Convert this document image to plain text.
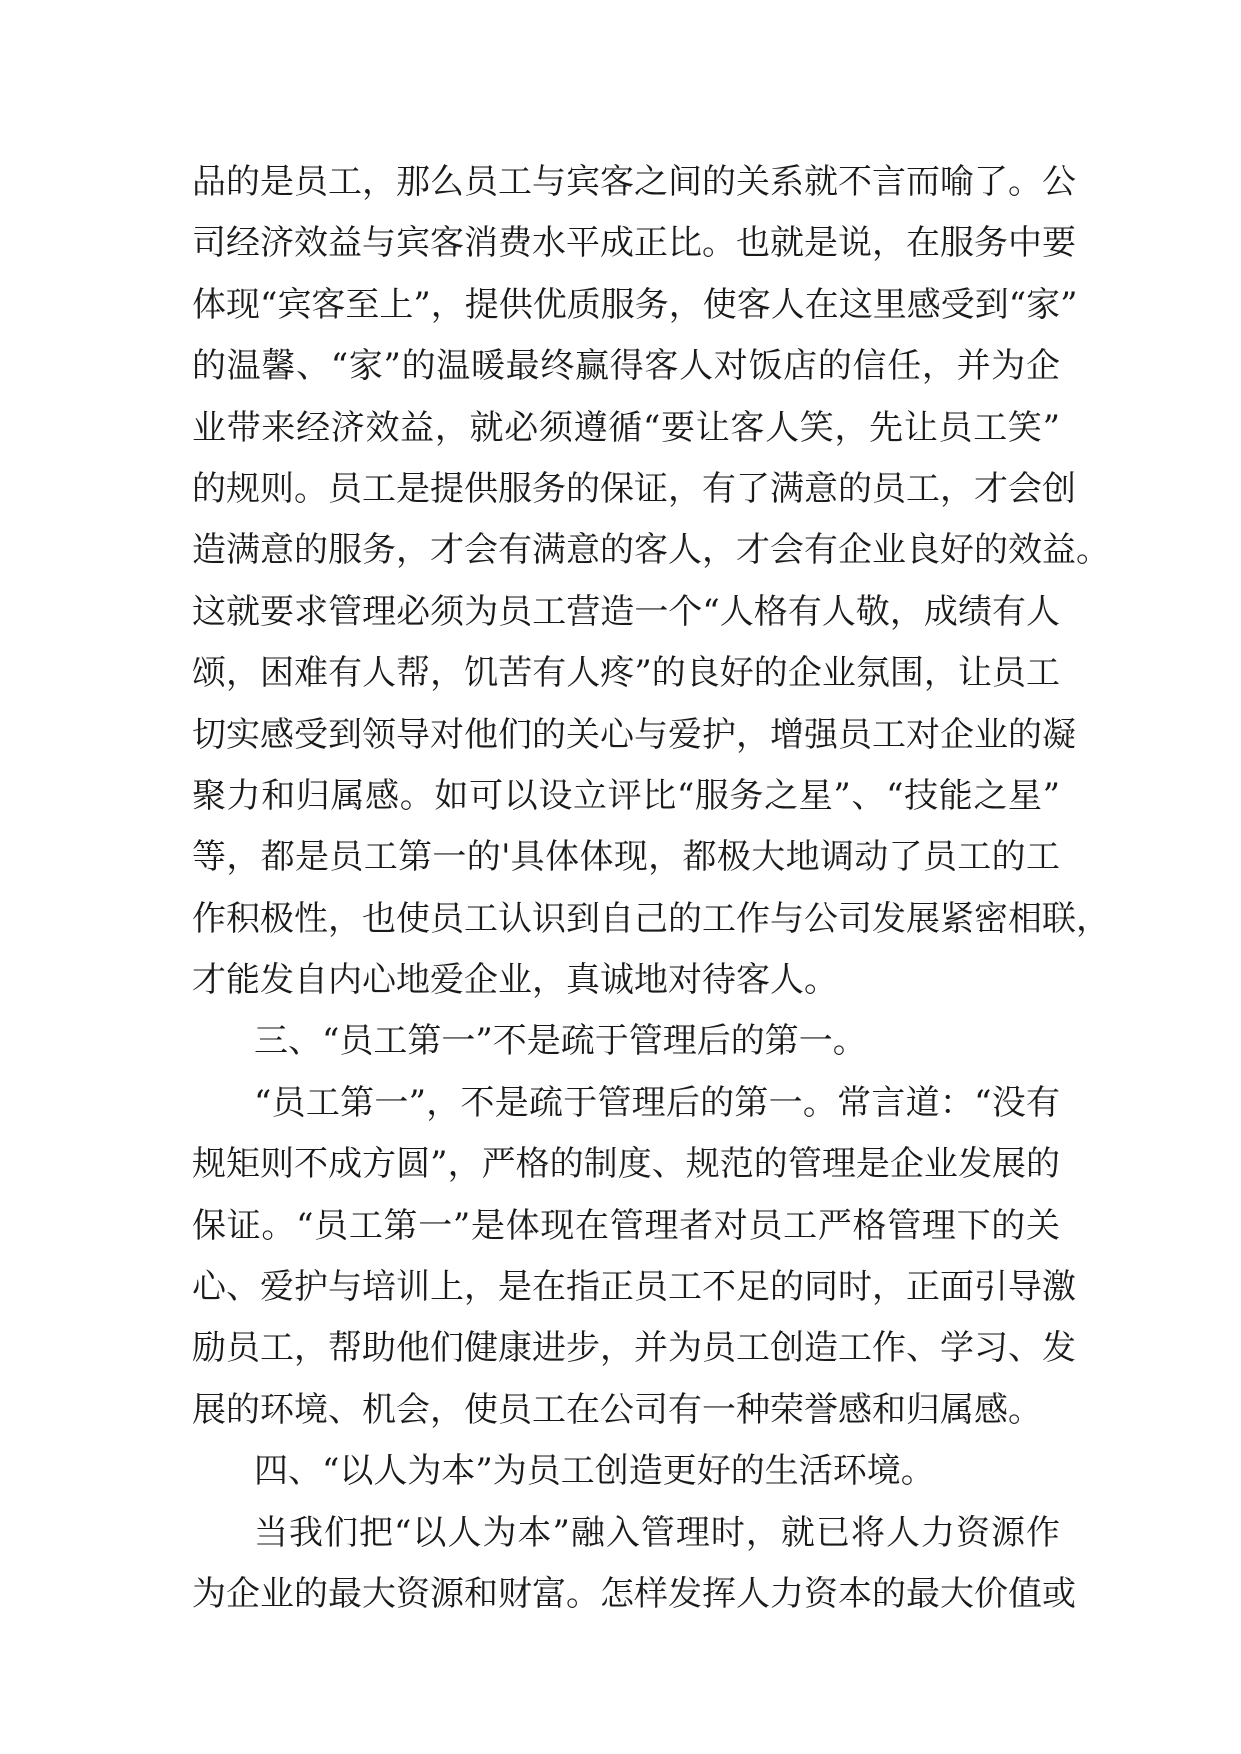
品的是员工，那么员工与宾客之间的关系就不言而喻了。公
司经济效益与宾客消费水平成正比。也就是说，在服务中要
体现“宾客至上”，提供优质服务，使客人在这里感受到“家”
的温馨、“家”的温暖最终赢得客人对饭店的信任，并为企
业带来经济效益，就必须遵循“要让客人笑，先让员工笑”
的规则。员工是提供服务的保证，有了满意的员工，才会创
造满意的服务，才会有满意的客人，才会有企业良好的效益。
这就要求管理必须为员工营造一个“人格有人敬，成绩有人
颂，困难有人帮，饥苦有人疼”的良好的企业氛围，让员工
切实感受到领导对他们的关心与爱护，增强员工对企业的凝
聚力和归属感。如可以设立评比“服务之星”、“技能之星”
等，都是员工第一的'具体体现，都极大地调动了员工的工
作积极性，也使员工认识到自己的工作与公司发展紧密相联，
才能发自内心地爱企业，真诚地对待客人。
三、“员工第一”不是疏于管理后的第一。
“员工第一”，不是疏于管理后的第一。常言道：“没有
规矩则不成方圆”，严格的制度、规范的管理是企业发展的
保证。“员工第一”是体现在管理者对员工严格管理下的关
心、爱护与培训上，是在指正员工不足的同时，正面引导激
励员工，帮助他们健康进步，并为员工创造工作、学习、发
展的环境、机会，使员工在公司有一种荣誉感和归属感。
四、“以人为本”为员工创造更好的生活环境。
当我们把“以人为本”融入管理时，就已将人力资源作
为企业的最大资源和财富。怎样发挥人力资本的最大价值或
